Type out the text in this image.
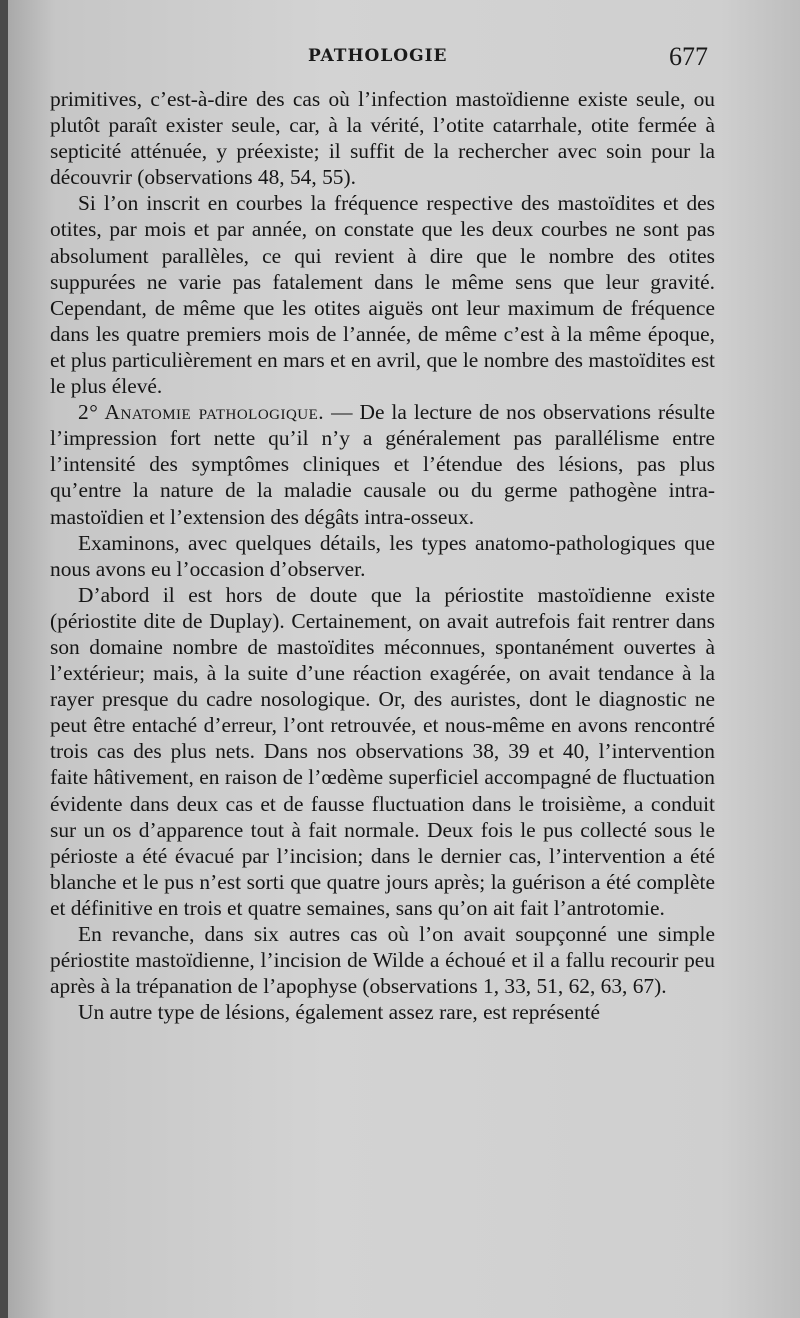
PATHOLOGIE	677

primitives, c’est-à-dire des cas où l’infection mastoïdienne existe seule, ou plutôt paraît exister seule, car, à la vérité, l’otite catarrhale, otite fermée à septicité atténuée, y préexiste; il suffit de la rechercher avec soin pour la découvrir (observations 48, 54, 55).

Si l’on inscrit en courbes la fréquence respective des mastoïdites et des otites, par mois et par année, on constate que les deux courbes ne sont pas absolument parallèles, ce qui revient à dire que le nombre des otites suppurées ne varie pas fatalement dans le même sens que leur gravité. Cependant, de même que les otites aiguës ont leur maximum de fréquence dans les quatre premiers mois de l’année, de même c’est à la même époque, et plus particulièrement en mars et en avril, que le nombre des mastoïdites est le plus élevé.

2° Anatomie pathologique. — De la lecture de nos observations résulte l’impression fort nette qu’il n’y a généralement pas parallélisme entre l’intensité des symptômes cliniques et l’étendue des lésions, pas plus qu’entre la nature de la maladie causale ou du germe pathogène intra-mastoïdien et l’extension des dégâts intra-osseux.

Examinons, avec quelques détails, les types anatomo-pathologiques que nous avons eu l’occasion d’observer.

D’abord il est hors de doute que la périostite mastoïdienne existe (périostite dite de Duplay). Certainement, on avait autrefois fait rentrer dans son domaine nombre de mastoïdites méconnues, spontanément ouvertes à l’extérieur; mais, à la suite d’une réaction exagérée, on avait tendance à la rayer presque du cadre nosologique. Or, des auristes, dont le diagnostic ne peut être entaché d’erreur, l’ont retrouvée, et nous-même en avons rencontré trois cas des plus nets. Dans nos observations 38, 39 et 40, l’intervention faite hâtivement, en raison de l’œdème superficiel accompagné de fluctuation évidente dans deux cas et de fausse fluctuation dans le troisième, a conduit sur un os d’apparence tout à fait normale. Deux fois le pus collecté sous le périoste a été évacué par l’incision; dans le dernier cas, l’intervention a été blanche et le pus n’est sorti que quatre jours après; la guérison a été complète et définitive en trois et quatre semaines, sans qu’on ait fait l’antrotomie.

En revanche, dans six autres cas où l’on avait soupçonné une simple périostite mastoïdienne, l’incision de Wilde a échoué et il a fallu recourir peu après à la trépanation de l’apophyse (observations 1, 33, 51, 62, 63, 67).

Un autre type de lésions, également assez rare, est représenté
